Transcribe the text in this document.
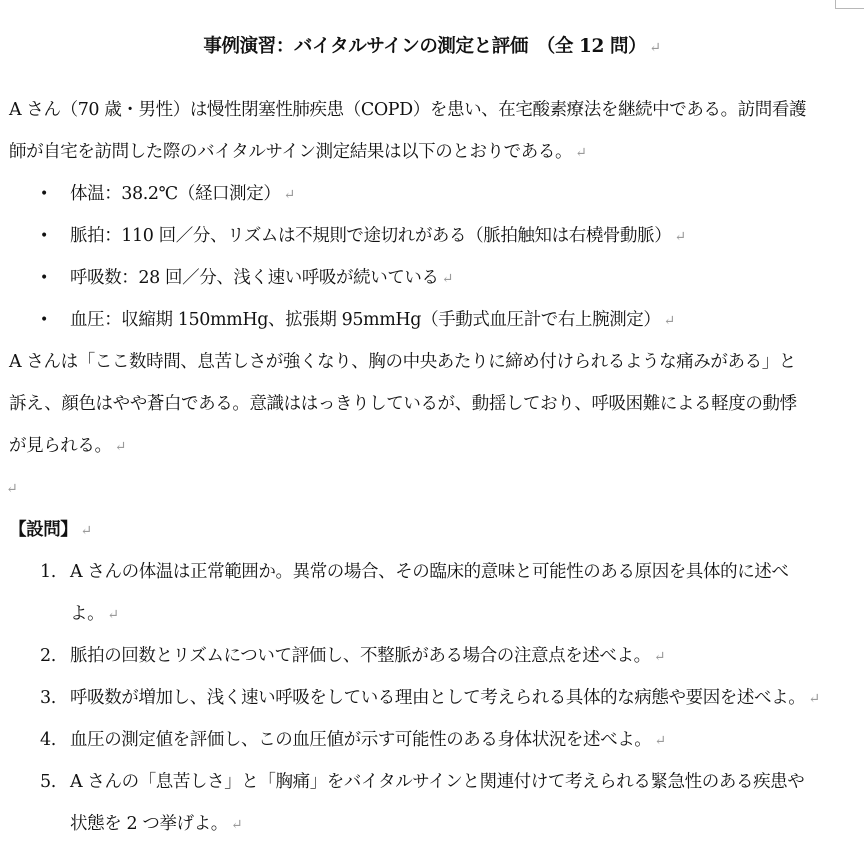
事例演習：バイタルサインの測定と評価　（全 12 問） ↵
A さん（70 歳・男性）は慢性閉塞性肺疾患（COPD）を患い、在宅酸素療法を継続中である。訪問看護
師が自宅を訪問した際のバイタルサイン測定結果は以下のとおりである。 ↵
• 体温：38.2℃（経口測定） ↵
• 脈拍：110 回／分、リズムは不規則で途切れがある（脈拍触知は右橈骨動脈） ↵
• 呼吸数：28 回／分、浅く速い呼吸が続いている ↵
• 血圧：収縮期 150mmHg、拡張期 95mmHg（手動式血圧計で右上腕測定） ↵
A さんは「ここ数時間、息苦しさが強くなり、胸の中央あたりに締め付けられるような痛みがある」と
訴え、顔色はやや蒼白である。意識ははっきりしているが、動揺しており、呼吸困難による軽度の動悸
が見られる。 ↵
↵
【設問】 ↵
1. A さんの体温は正常範囲か。異常の場合、その臨床的意味と可能性のある原因を具体的に述べ
よ。 ↵
2. 脈拍の回数とリズムについて評価し、不整脈がある場合の注意点を述べよ。 ↵
3. 呼吸数が増加し、浅く速い呼吸をしている理由として考えられる具体的な病態や要因を述べよ。 ↵
4. 血圧の測定値を評価し、この血圧値が示す可能性のある身体状況を述べよ。 ↵
5. A さんの「息苦しさ」と「胸痛」をバイタルサインと関連付けて考えられる緊急性のある疾患や
状態を 2 つ挙げよ。 ↵
